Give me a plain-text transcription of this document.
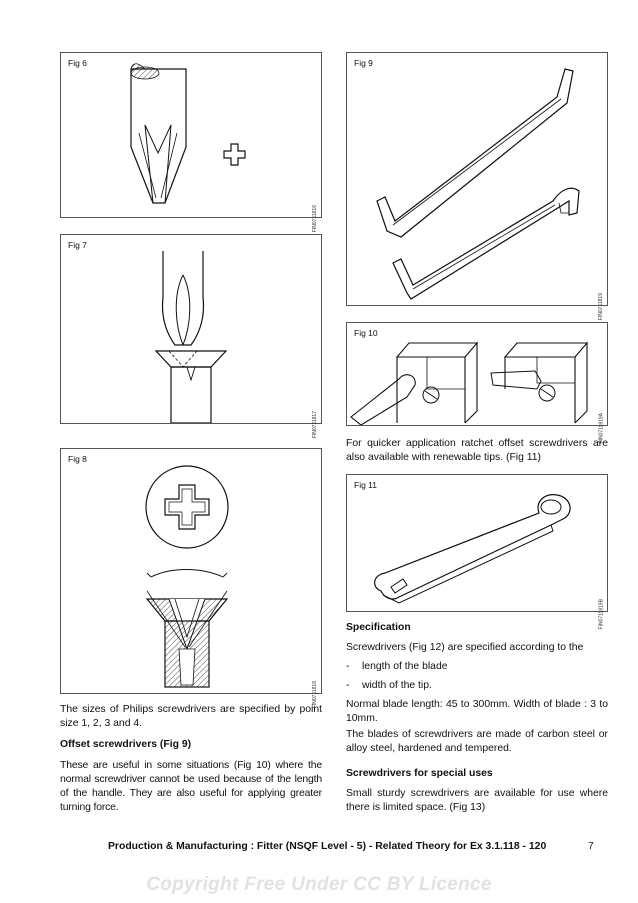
Fig 6
FIN0711816
Fig 7
FIN0711817
Fig 8
FIN0711818
Fig 9
FIN0711819
Fig 10
FIN0711819A
Fig 11
FIN0711819B
The sizes of Philips screwdrivers are specified by point size 1, 2, 3 and 4.
Offset screwdrivers (Fig 9)
These are useful in some situations (Fig 10) where the normal screwdriver cannot be used because of the length of the handle. They are also useful for applying greater turning force.
For quicker application ratchet offset screwdrivers are also available with renewable tips. (Fig 11)
Specification
Screwdrivers (Fig 12) are specified according to the
- length of the blade
- width of the tip.
Normal blade length: 45 to 300mm. Width of blade : 3 to 10mm.
The blades of screwdrivers are made of carbon steel or alloy steel, hardened and tempered.
Screwdrivers for special uses
Small sturdy screwdrivers are available for use where there is limited space. (Fig 13)
Production & Manufacturing : Fitter (NSQF Level - 5) - Related Theory for Ex 3.1.118 - 120	7
Copyright Free Under CC BY Licence
